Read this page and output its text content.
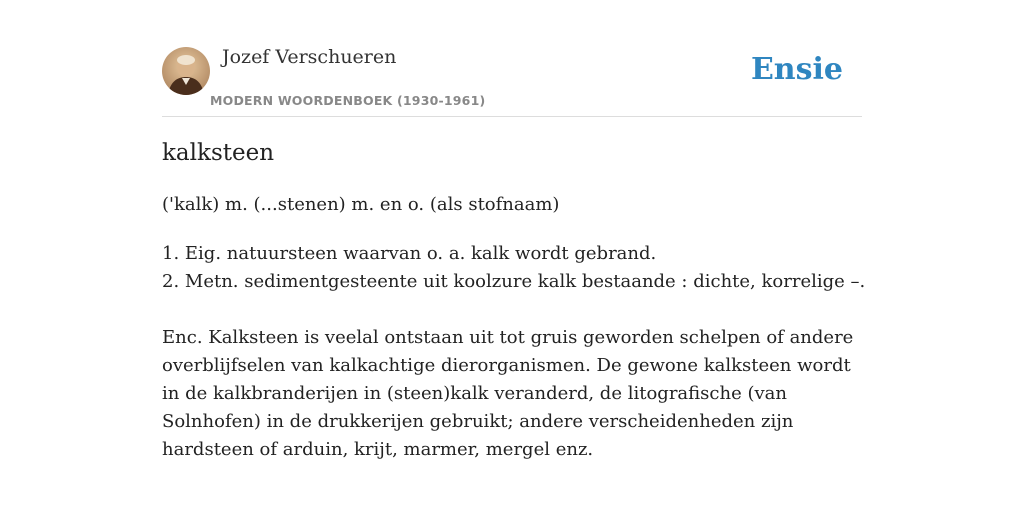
Jozef Verschueren
MODERN WOORDENBOEK (1930-1961)
Ensie
kalksteen
('kalk) m. (...stenen) m. en o. (als stofnaam)
1. Eig. natuursteen waarvan o. a. kalk wordt gebrand.
2. Metn. sedimentgesteente uit koolzure kalk bestaande : dichte, korrelige –.

Enc. Kalksteen is veelal ontstaan uit tot gruis geworden schelpen of andere overblijfselen van kalkachtige dierorganismen. De gewone kalksteen wordt in de kalkbranderijen in (steen)kalk veranderd, de litografische (van Solnhofen) in de drukkerijen gebruikt; andere verscheidenheden zijn hardsteen of arduin, krijt, marmer, mergel enz.
